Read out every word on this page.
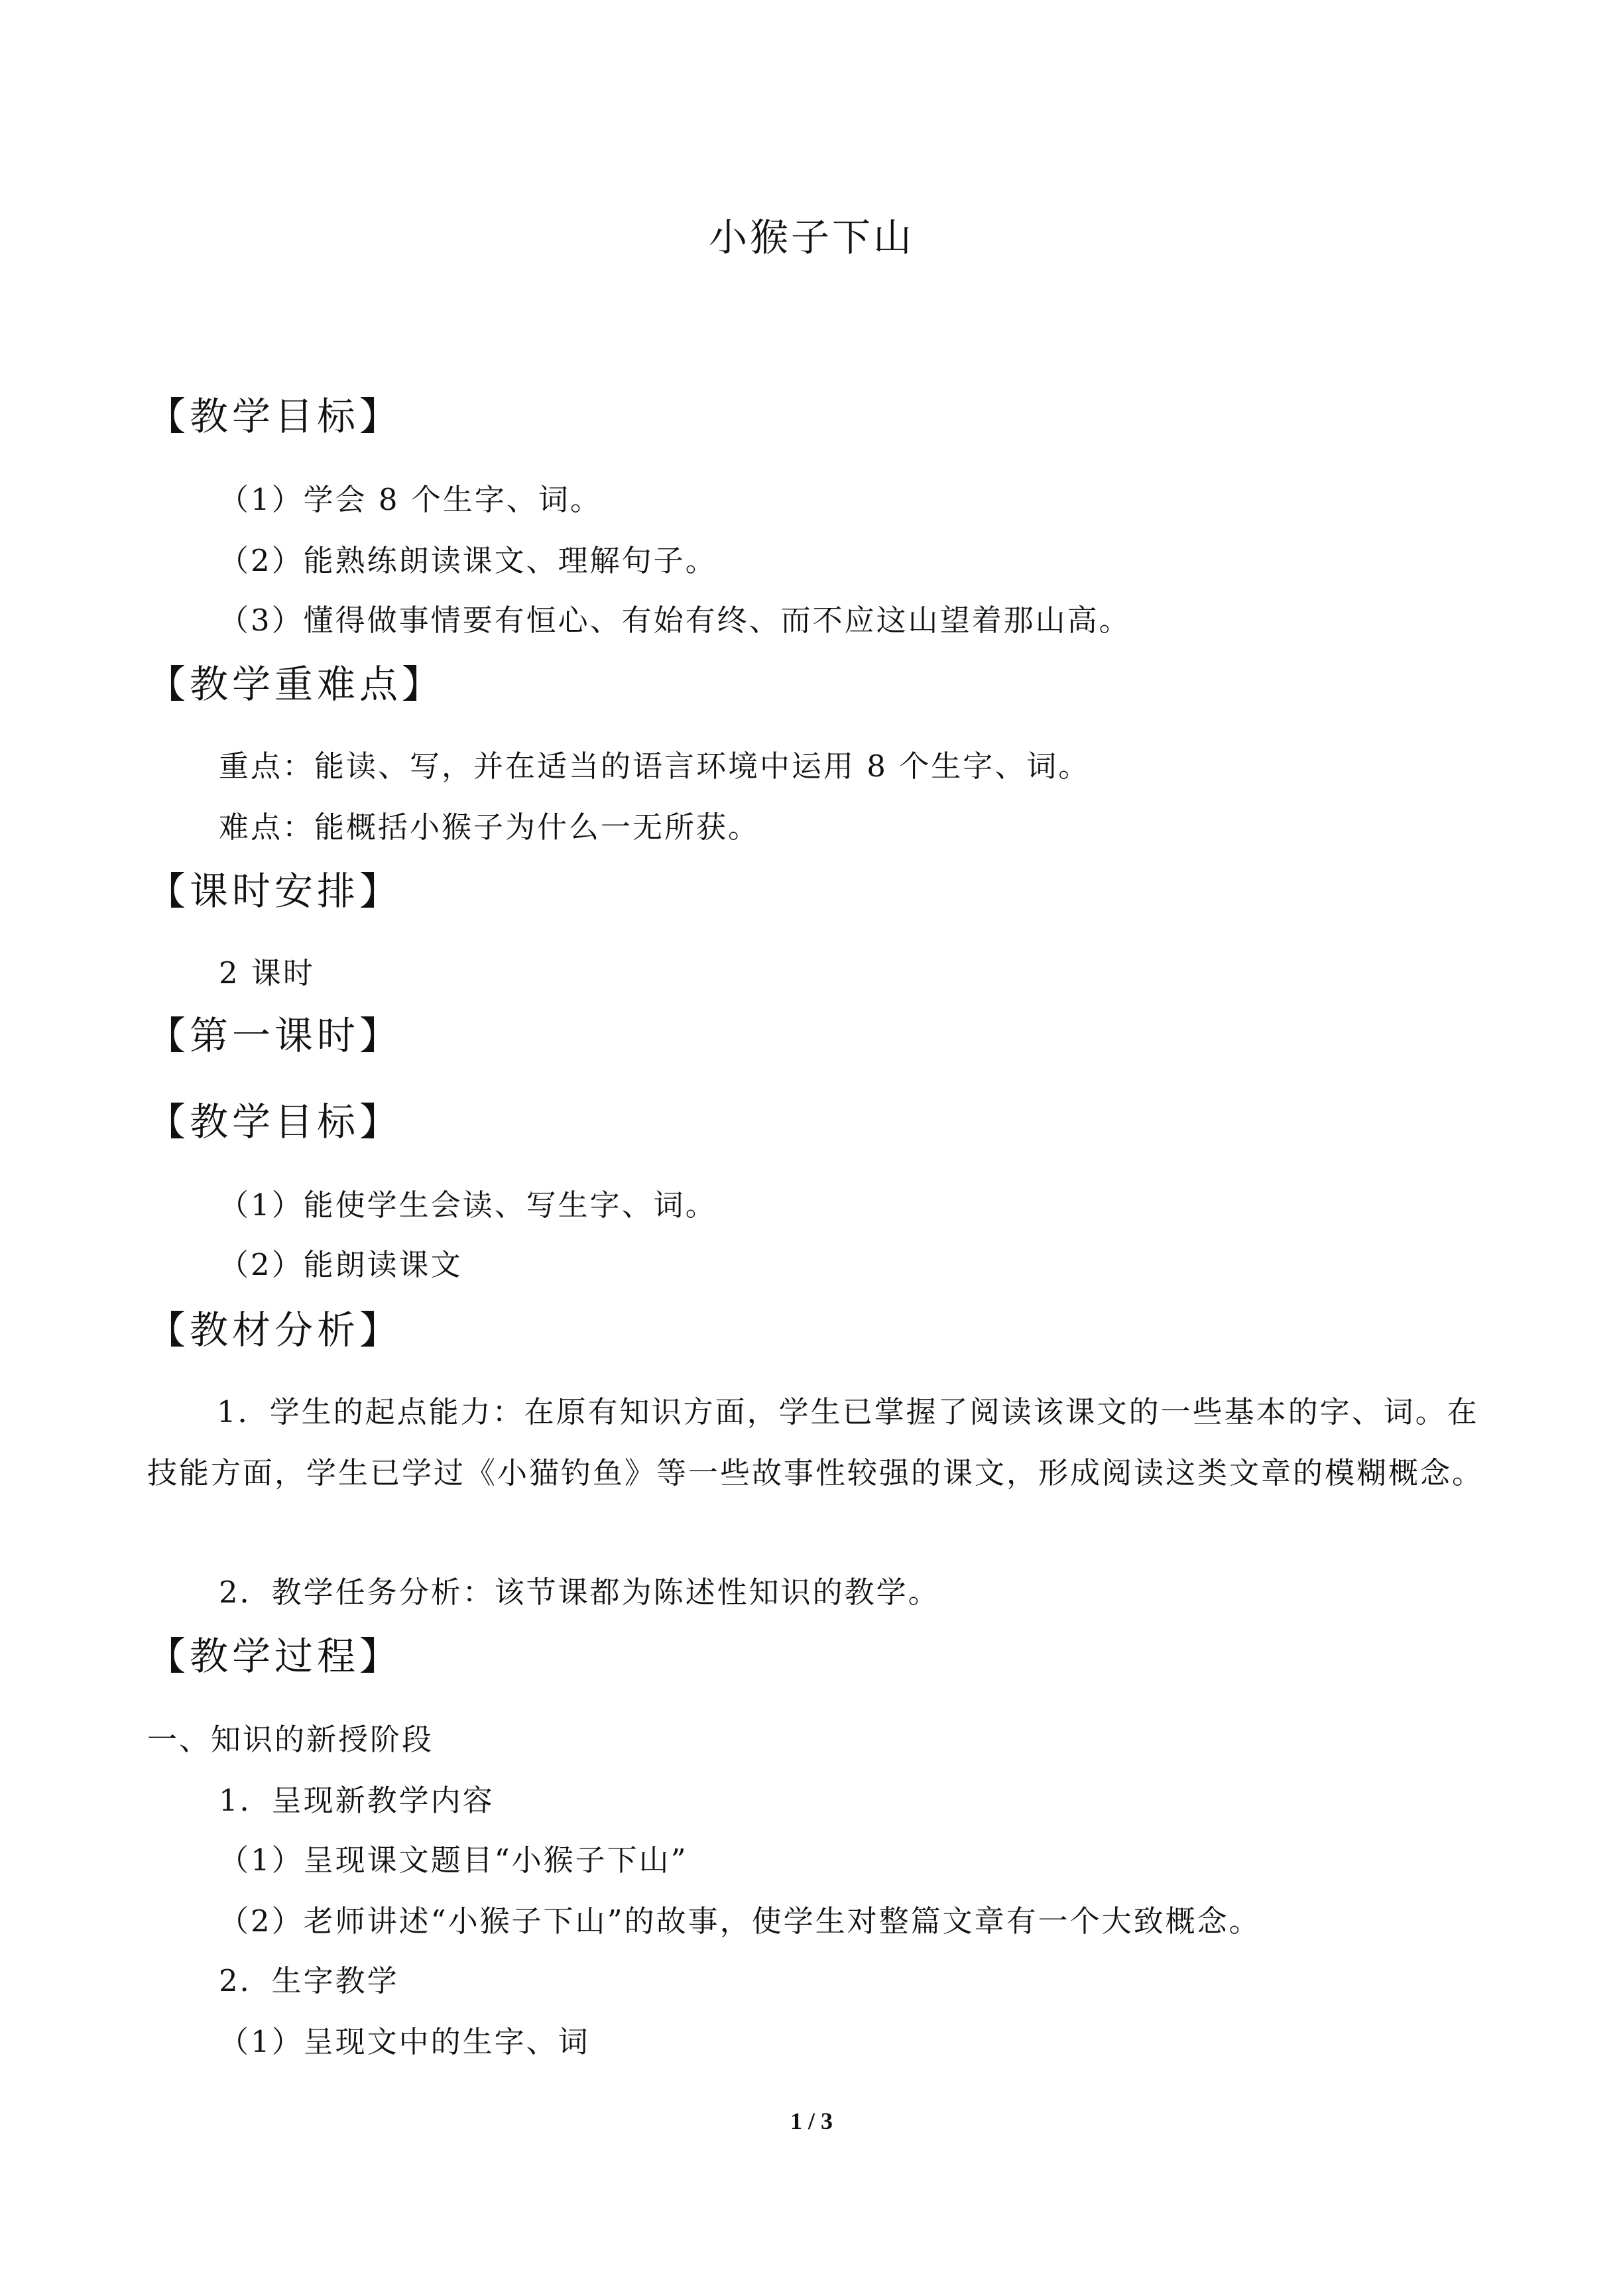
小猴子下山
【教学目标】
（1）学会 8 个生字、词。
（2）能熟练朗读课文、理解句子。
（3）懂得做事情要有恒心、有始有终、而不应这山望着那山高。
【教学重难点】
重点：能读、写，并在适当的语言环境中运用 8 个生字、词。
难点：能概括小猴子为什么一无所获。
【课时安排】
2 课时
【第一课时】
【教学目标】
（1）能使学生会读、写生字、词。
（2）能朗读课文
【教材分析】
1．学生的起点能力：在原有知识方面，学生已掌握了阅读该课文的一些基本的字、词。在技能方面，学生已学过《小猫钓鱼》等一些故事性较强的课文，形成阅读这类文章的模糊概念。
2．教学任务分析：该节课都为陈述性知识的教学。
【教学过程】
一、知识的新授阶段
1．呈现新教学内容
（1）呈现课文题目“小猴子下山”
（2）老师讲述“小猴子下山”的故事，使学生对整篇文章有一个大致概念。
2．生字教学
（1）呈现文中的生字、词
1 / 3
